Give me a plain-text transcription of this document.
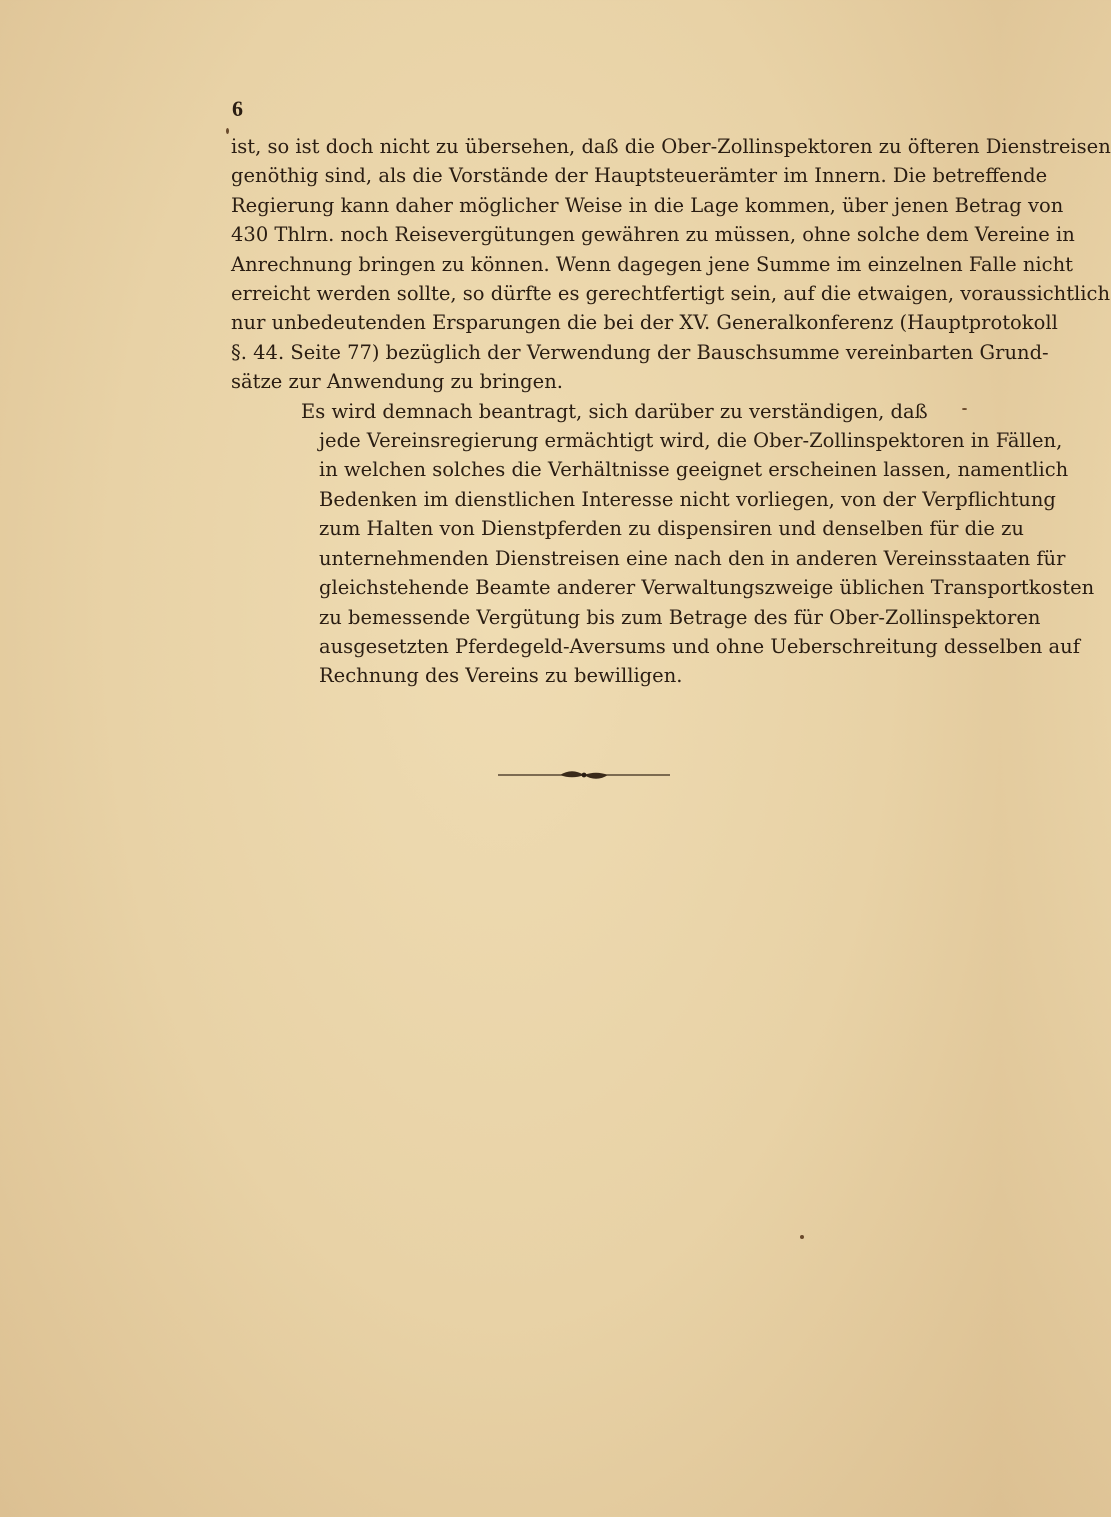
6
ist, so ist doch nicht zu übersehen, daß die Ober-Zollinspektoren zu öfteren Dienstreisen
genöthig sind, als die Vorstände der Hauptsteuerämter im Innern. Die betreffende
Regierung kann daher möglicher Weise in die Lage kommen, über jenen Betrag von
430 Thlrn. noch Reisevergütungen gewähren zu müssen, ohne solche dem Vereine in
Anrechnung bringen zu können. Wenn dagegen jene Summe im einzelnen Falle nicht
erreicht werden sollte, so dürfte es gerechtfertigt sein, auf die etwaigen, voraussichtlich
nur unbedeutenden Ersparungen die bei der XV. Generalkonferenz (Hauptprotokoll
§. 44. Seite 77) bezüglich der Verwendung der Bauschsumme vereinbarten Grund-
sätze zur Anwendung zu bringen.
Es wird demnach beantragt, sich darüber zu verständigen, daß
jede Vereinsregierung ermächtigt wird, die Ober-Zollinspektoren in Fällen,
in welchen solches die Verhältnisse geeignet erscheinen lassen, namentlich
Bedenken im dienstlichen Interesse nicht vorliegen, von der Verpflichtung
zum Halten von Dienstpferden zu dispensiren und denselben für die zu
unternehmenden Dienstreisen eine nach den in anderen Vereinsstaaten für
gleichstehende Beamte anderer Verwaltungszweige üblichen Transportkosten
zu bemessende Vergütung bis zum Betrage des für Ober-Zollinspektoren
ausgesetzten Pferdegeld-Aversums und ohne Ueberschreitung desselben auf
Rechnung des Vereins zu bewilligen.
